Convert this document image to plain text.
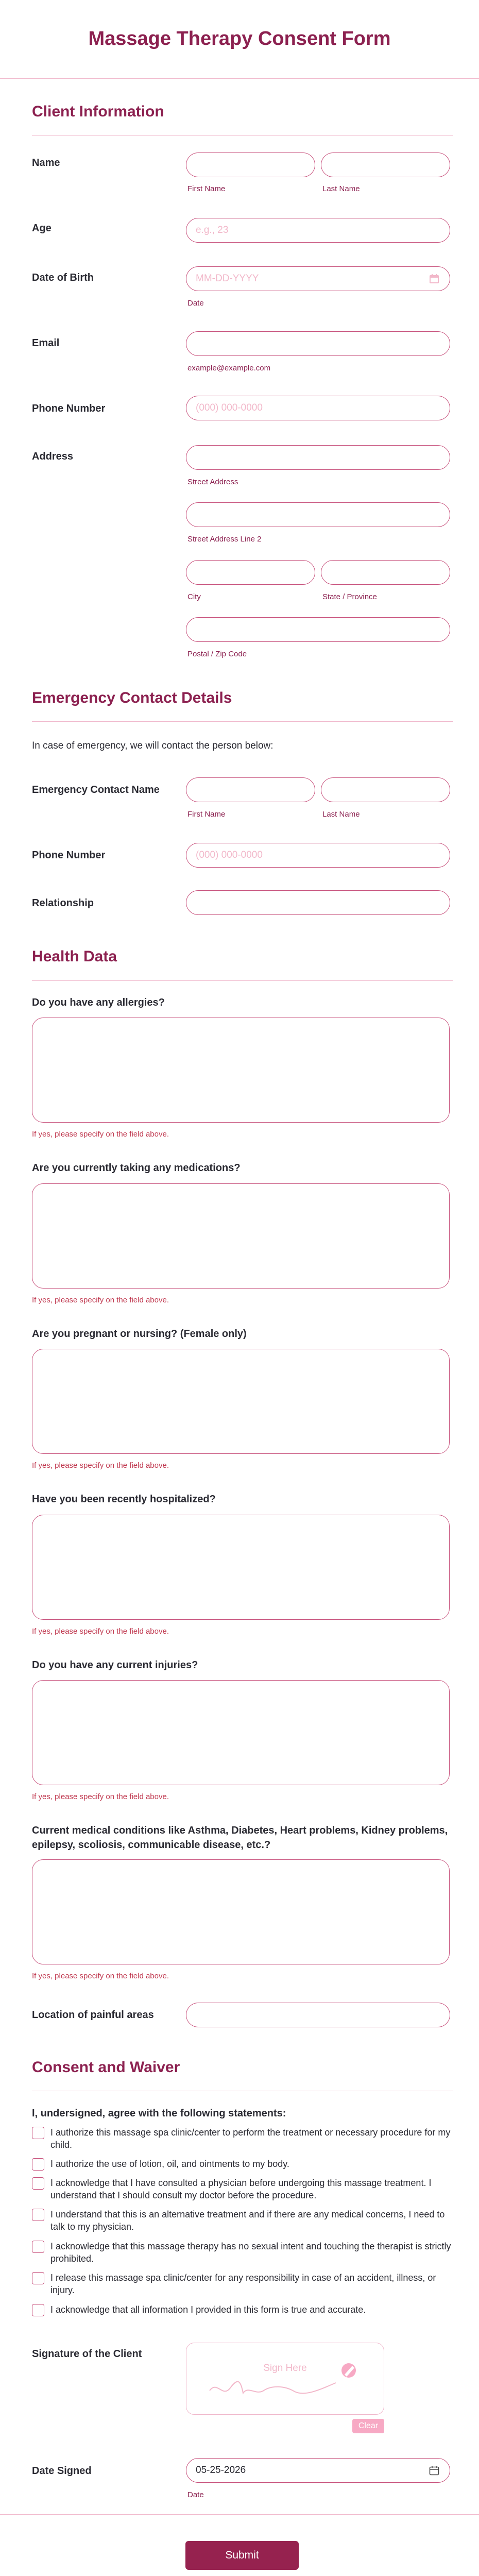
Massage Therapy Consent Form
Client Information
Name
First Name	Last Name
Age	e.g., 23
Date of Birth	MM-DD-YYYY
Date
Email
example@example.com
Phone Number	(000) 000-0000
Address
Street Address
Street Address Line 2
City	State / Province
Postal / Zip Code
Emergency Contact Details
In case of emergency, we will contact the person below:
Emergency Contact Name
First Name	Last Name
Phone Number	(000) 000-0000
Relationship
Health Data
Do you have any allergies?
If yes, please specify on the field above.
Are you currently taking any medications?
If yes, please specify on the field above.
Are you pregnant or nursing? (Female only)
If yes, please specify on the field above.
Have you been recently hospitalized?
If yes, please specify on the field above.
Do you have any current injuries?
If yes, please specify on the field above.
Current medical conditions like Asthma, Diabetes, Heart problems, Kidney problems, epilepsy, scoliosis, communicable disease, etc.?
If yes, please specify on the field above.
Location of painful areas
Consent and Waiver
I, undersigned, agree with the following statements:
I authorize this massage spa clinic/center to perform the treatment or necessary procedure for my child.
I authorize the use of lotion, oil, and ointments to my body.
I acknowledge that I have consulted a physician before undergoing this massage treatment. I understand that I should consult my doctor before the procedure.
I understand that this is an alternative treatment and if there are any medical concerns, I need to talk to my physician.
I acknowledge that this massage therapy has no sexual intent and touching the therapist is strictly prohibited.
I release this massage spa clinic/center for any responsibility in case of an accident, illness, or injury.
I acknowledge that all information I provided in this form is true and accurate.
Signature of the Client
Sign Here
Clear
Date Signed	05-25-2026
Date
Submit
